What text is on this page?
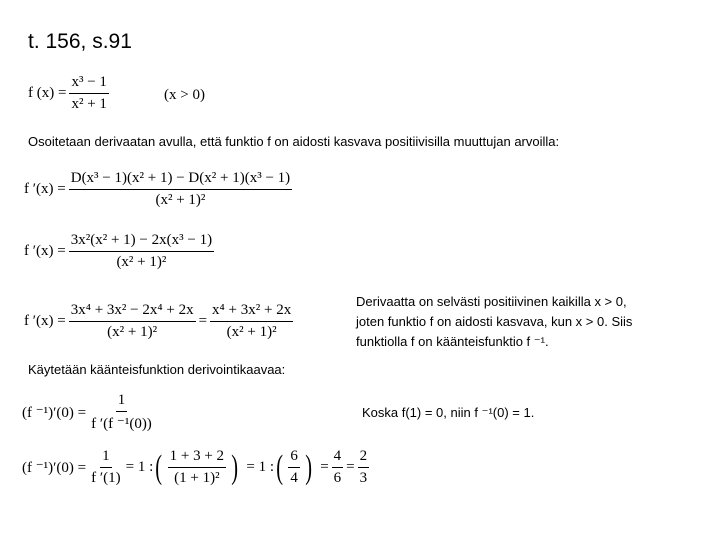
t. 156, s.91
f $(x) = \frac{\text{x³ − 1}}{\text{x² + 1}}$	(x > 0)
Osoitetaan derivaatan avulla, että funktio f on aidosti kasvava positiivisilla muuttujan arvoilla:
f $'(x) = \frac{\text{D(x³ − 1)(x² + 1) − D(x² + 1)(x³ − 1)}}{\text{(x² + 1)²}}$
f $'(x) = \frac{\text{3x²(x² + 1) − 2x(x³ − 1)}}{\text{(x² + 1)²}}$
f $'(x) = \frac{\text{3x⁴ + 3x² − 2x⁴ + 2x}}{\text{(x² + 1)²}} = \frac{\text{x⁴ + 3x² + 2x}}{\text{(x² + 1)²}}$
Derivaatta on selvästi positiivinen kaikilla x > 0,
joten funktio f on aidosti kasvava, kun x > 0. Siis
funktiolla f on käänteisfunktio f ⁻¹.
Käytetään käänteisfunktion derivointikaavaa:
(f $^{-1})'(0) = \frac{1}{\text{f ′(f ⁻¹(0))}}$	Koska f(1) = 0, niin f ⁻¹(0) = 1.
(f $^{-1})'(0) = \frac{1}{f '(1)} = 1$ : ( $\frac{1 + 3 + 2}{\text{(1 + 1)²}}$ ) = 1 : ( $\frac{6}{4}$ ) = $\frac{4}{6} = \frac{2}{3}$
